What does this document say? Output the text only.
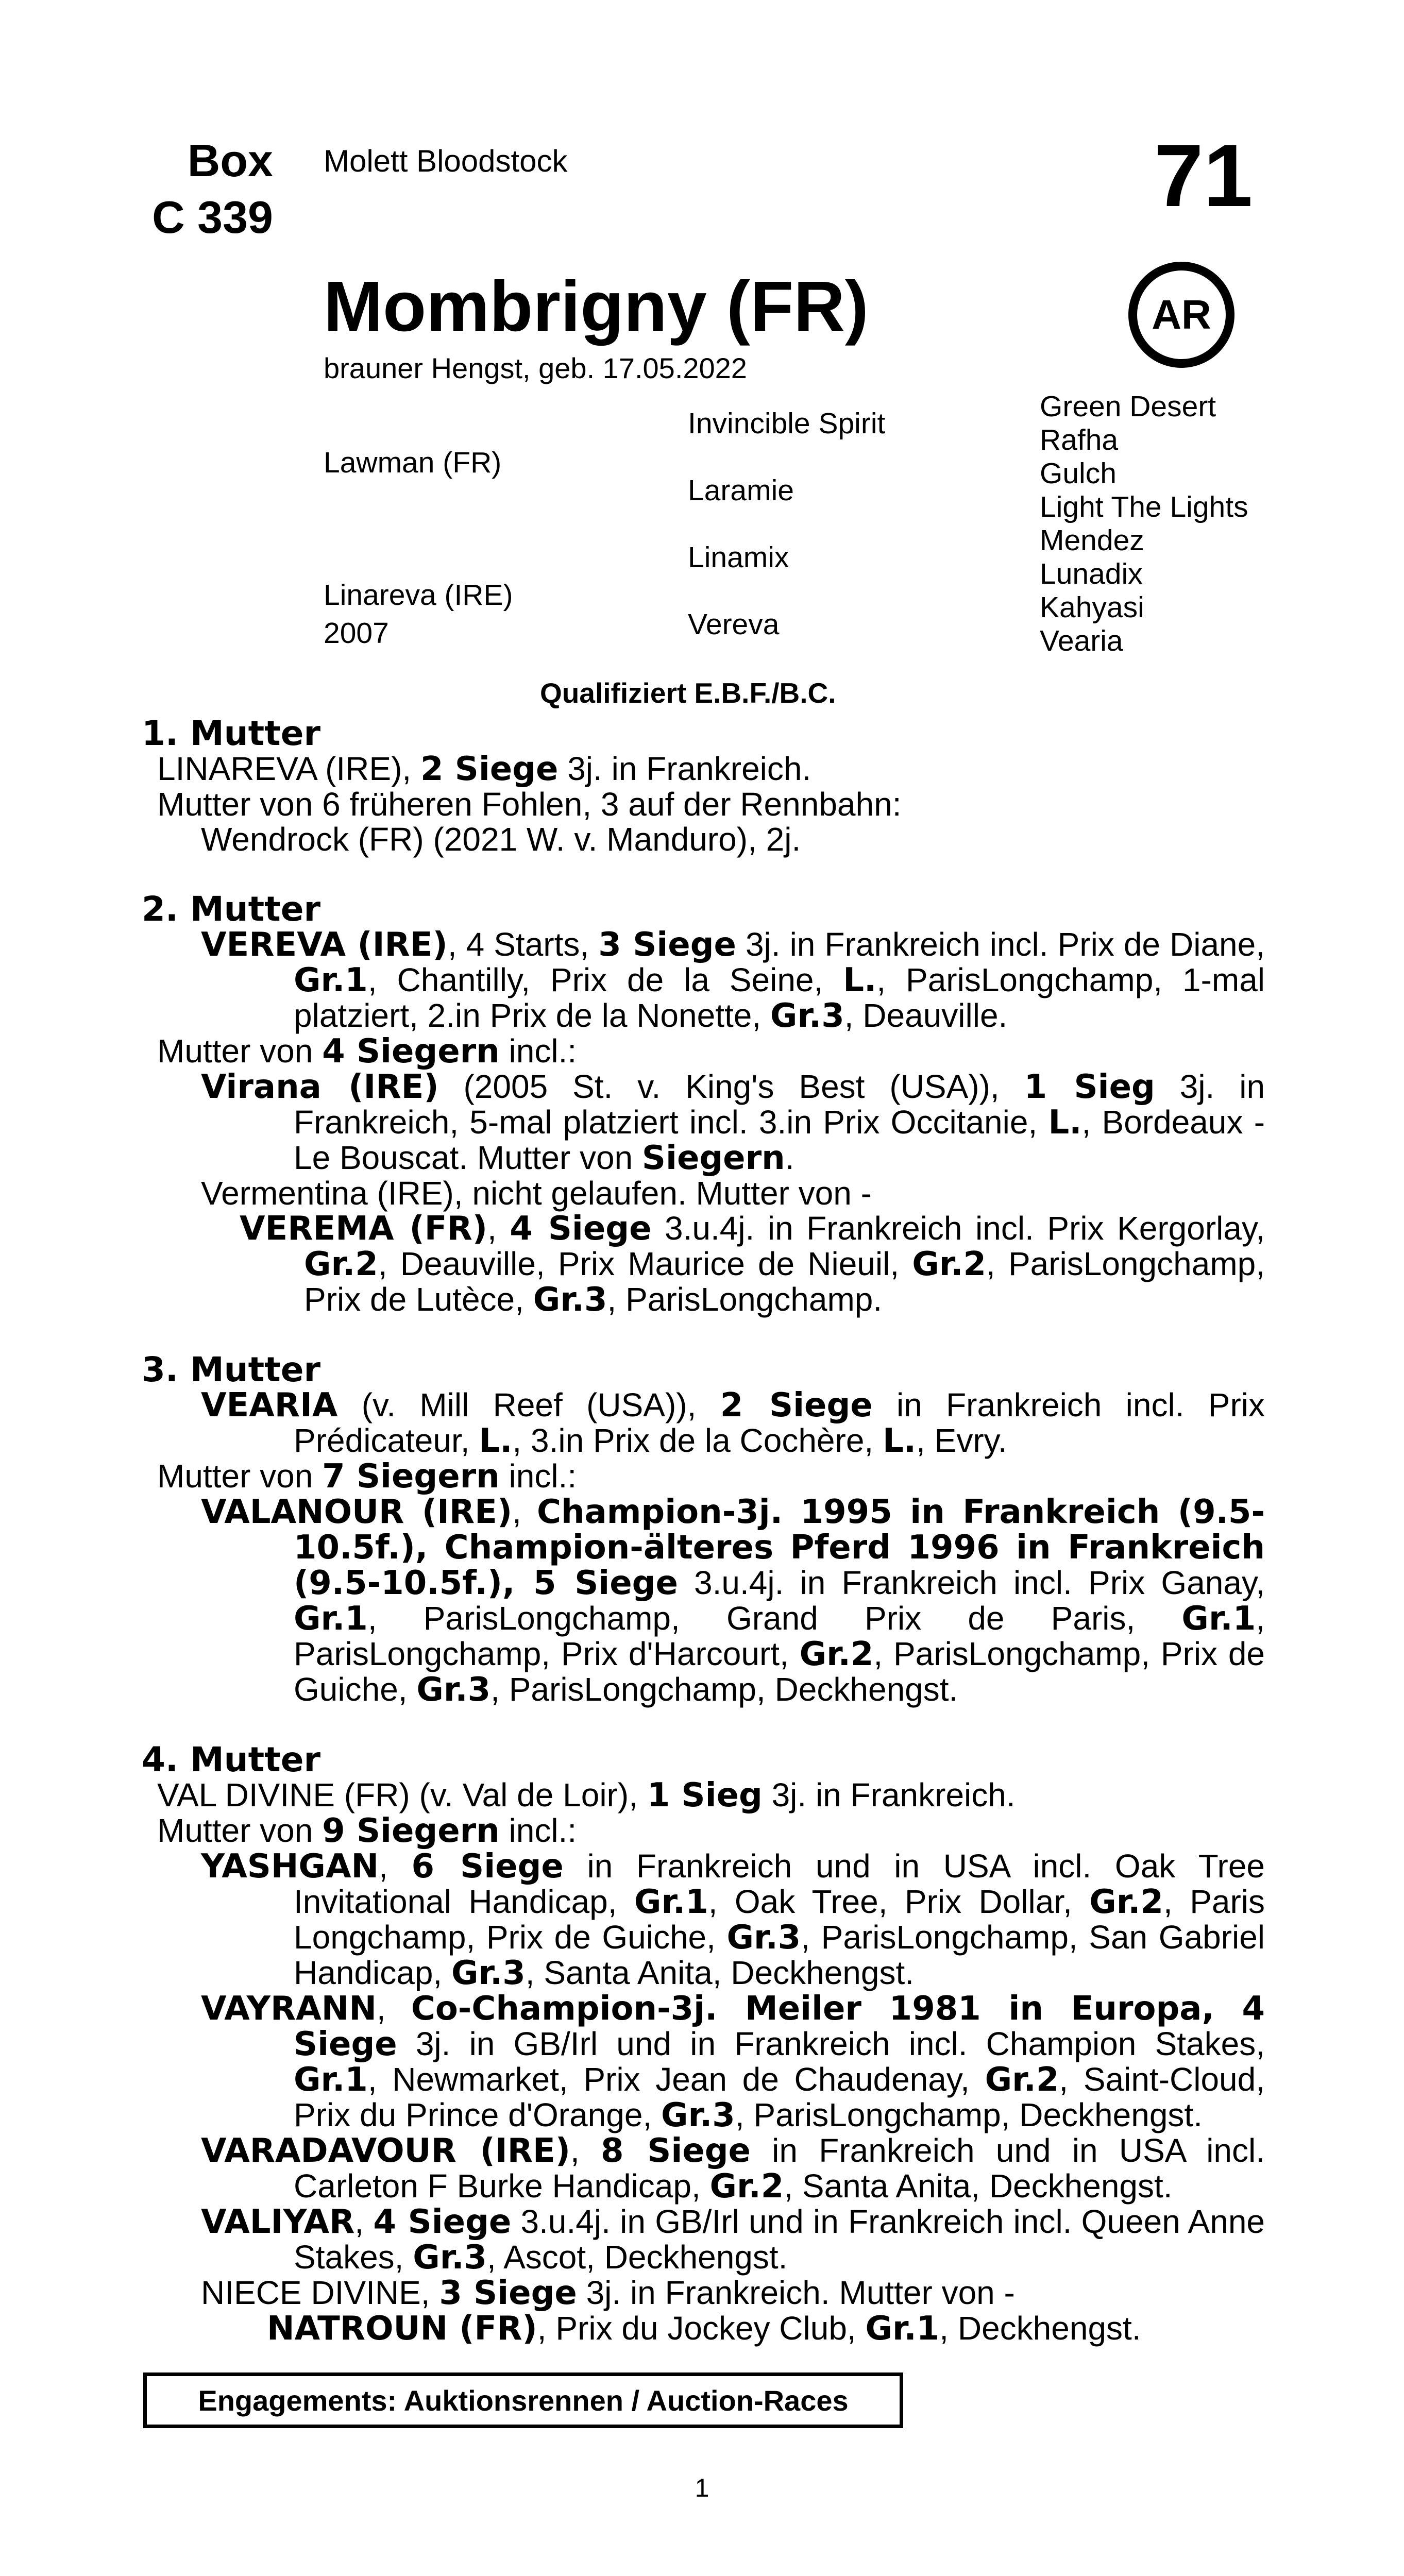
Box
C 339
Molett Bloodstock	71
AR
Mombrigny (FR)
brauner Hengst, geb. 17.05.2022
Lawman (FR)
Linareva (IRE)
2007
Invincible Spirit
Laramie
Linamix
Vereva
Green Desert
Rafha
Gulch
Light The Lights
Mendez
Lunadix
Kahyasi
Vearia
Qualifiziert E.B.F./B.C.

1. Mutter

LINAREVA (IRE), 2 Siege 3j. in Frankreich.

Mutter von 6 früheren Fohlen, 3 auf der Rennbahn:

Wendrock (FR) (2021 W. v. Manduro), 2j.

2. Mutter

VEREVA (IRE), 4 Starts, 3 Siege 3j. in Frankreich incl. Prix de Diane, Gr.1, Chantilly, Prix de la Seine, L., ParisLongchamp, 1-mal platziert, 2.in Prix de la Nonette, Gr.3, Deauville.

Mutter von 4 Siegern incl.:

Virana (IRE) (2005 St. v. King's Best (USA)), 1 Sieg 3j. in Frankreich, 5-mal platziert incl. 3.in Prix Occitanie, L., Bordeaux - Le Bouscat. Mutter von Siegern.

Vermentina (IRE), nicht gelaufen. Mutter von -

VEREMA (FR), 4 Siege 3.u.4j. in Frankreich incl. Prix Kergorlay, Gr.2, Deauville, Prix Maurice de Nieuil, Gr.2, ParisLongchamp, Prix de Lutèce, Gr.3, ParisLongchamp.

3. Mutter

VEARIA (v. Mill Reef (USA)), 2 Siege in Frankreich incl. Prix Prédicateur, L., 3.in Prix de la Cochère, L., Evry.

Mutter von 7 Siegern incl.:

VALANOUR (IRE), Champion-3j. 1995 in Frankreich (9.5-10.5f.), Champion-älteres Pferd 1996 in Frankreich (9.5-10.5f.), 5 Siege 3.u.4j. in Frankreich incl. Prix Ganay, Gr.1, ParisLongchamp, Grand Prix de Paris, Gr.1, ParisLongchamp, Prix d'Harcourt, Gr.2, ParisLongchamp, Prix de Guiche, Gr.3, ParisLongchamp, Deckhengst.

4. Mutter

VAL DIVINE (FR) (v. Val de Loir), 1 Sieg 3j. in Frankreich.

Mutter von 9 Siegern incl.:

YASHGAN, 6 Siege in Frankreich und in USA incl. Oak Tree Invitational Handicap, Gr.1, Oak Tree, Prix Dollar, Gr.2, Paris Longchamp, Prix de Guiche, Gr.3, ParisLongchamp, San Gabriel Handicap, Gr.3, Santa Anita, Deckhengst.

VAYRANN, Co-Champion-3j. Meiler 1981 in Europa, 4 Siege 3j. in GB/Irl und in Frankreich incl. Champion Stakes, Gr.1, Newmarket, Prix Jean de Chaudenay, Gr.2, Saint-Cloud, Prix du Prince d'Orange, Gr.3, ParisLongchamp, Deckhengst.

VARADAVOUR (IRE), 8 Siege in Frankreich und in USA incl. Carleton F Burke Handicap, Gr.2, Santa Anita, Deckhengst.

VALIYAR, 4 Siege 3.u.4j. in GB/Irl und in Frankreich incl. Queen Anne Stakes, Gr.3, Ascot, Deckhengst.

NIECE DIVINE, 3 Siege 3j. in Frankreich. Mutter von -

NATROUN (FR), Prix du Jockey Club, Gr.1, Deckhengst.

Engagements: Auktionsrennen / Auction-Races
1
